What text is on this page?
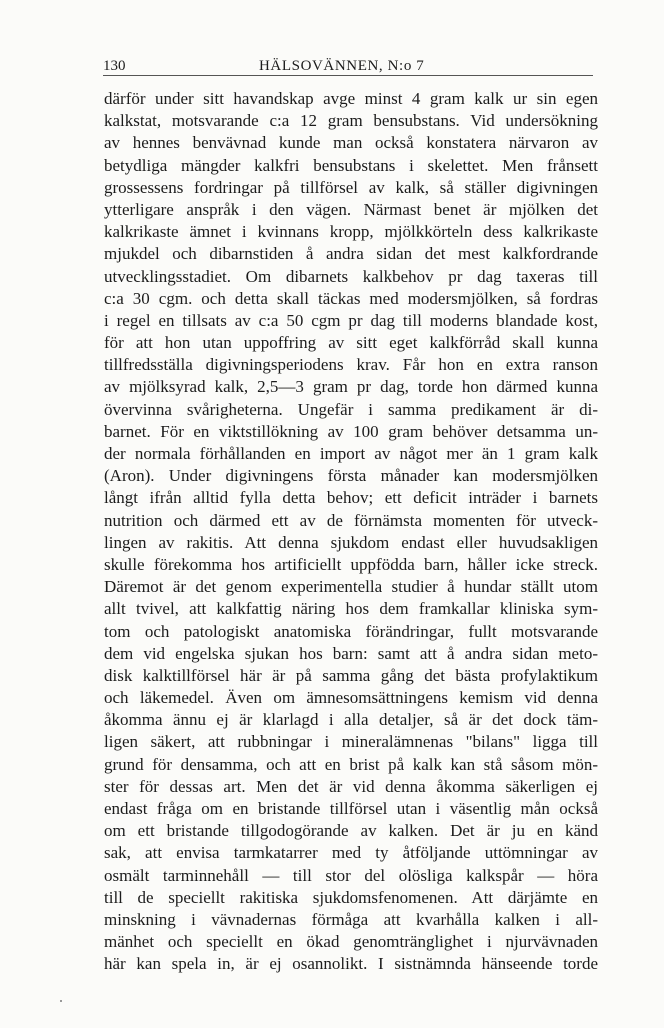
130	HÄLSOVÄNNEN, N:o 7
därför under sitt havandskap avge minst 4 gram kalk ur sin egen
kalkstat, motsvarande c:a 12 gram bensubstans. Vid undersökning
av hennes benvävnad kunde man också konstatera närvaron av
betydliga mängder kalkfri bensubstans i skelettet. Men frånsett
grossessens fordringar på tillförsel av kalk, så ställer digivningen
ytterligare anspråk i den vägen. Närmast benet är mjölken det
kalkrikaste ämnet i kvinnans kropp, mjölkkörteln dess kalkrikaste
mjukdel och dibarnstiden å andra sidan det mest kalkfordrande
utvecklingsstadiet. Om dibarnets kalkbehov pr dag taxeras till
c:a 30 cgm. och detta skall täckas med modersmjölken, så fordras
i regel en tillsats av c:a 50 cgm pr dag till moderns blandade kost,
för att hon utan uppoffring av sitt eget kalkförråd skall kunna
tillfredsställa digivningsperiodens krav. Får hon en extra ranson
av mjölksyrad kalk, 2,5—3 gram pr dag, torde hon därmed kunna
övervinna svårigheterna. Ungefär i samma predikament är di-
barnet. För en viktstillökning av 100 gram behöver detsamma un-
der normala förhållanden en import av något mer än 1 gram kalk
(Aron). Under digivningens första månader kan modersmjölken
långt ifrån alltid fylla detta behov; ett deficit inträder i barnets
nutrition och därmed ett av de förnämsta momenten för utveck-
lingen av rakitis. Att denna sjukdom endast eller huvudsakligen
skulle förekomma hos artificiellt uppfödda barn, håller icke streck.
Däremot är det genom experimentella studier å hundar ställt utom
allt tvivel, att kalkfattig näring hos dem framkallar kliniska sym-
tom och patologiskt anatomiska förändringar, fullt motsvarande
dem vid engelska sjukan hos barn: samt att å andra sidan meto-
disk kalktillförsel här är på samma gång det bästa profylaktikum
och läkemedel. Även om ämnesomsättningens kemism vid denna
åkomma ännu ej är klarlagd i alla detaljer, så är det dock täm-
ligen säkert, att rubbningar i mineralämnenas "bilans" ligga till
grund för densamma, och att en brist på kalk kan stå såsom mön-
ster för dessas art. Men det är vid denna åkomma säkerligen ej
endast fråga om en bristande tillförsel utan i väsentlig mån också
om ett bristande tillgodogörande av kalken. Det är ju en känd
sak, att envisa tarmkatarrer med ty åtföljande uttömningar av
osmält tarminnehåll — till stor del olösliga kalkspår — höra
till de speciellt rakitiska sjukdomsfenomenen. Att därjämte en
minskning i vävnadernas förmåga att kvarhålla kalken i all-
mänhet och speciellt en ökad genomtränglighet i njurvävnaden
här kan spela in, är ej osannolikt. I sistnämnda hänseende torde
